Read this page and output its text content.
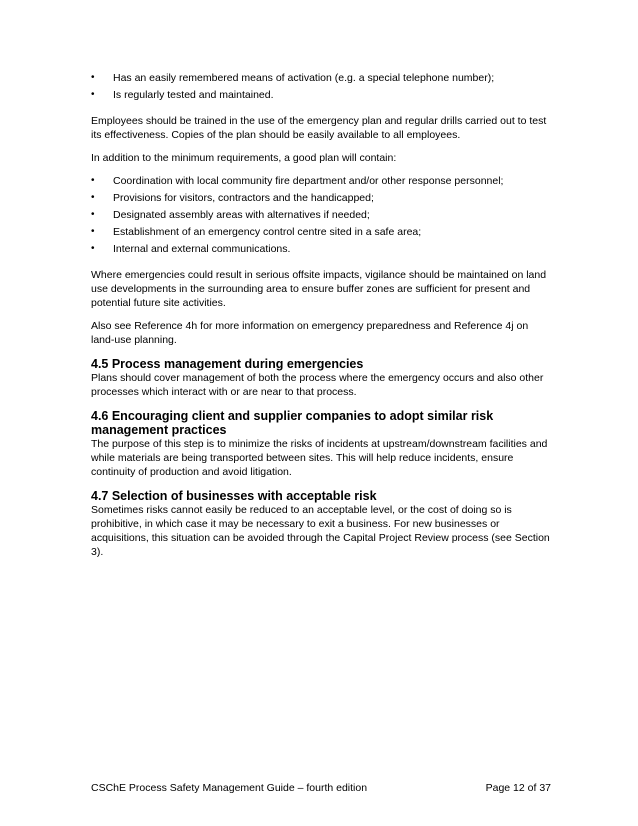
• Has an easily remembered means of activation (e.g. a special telephone number);
• Is regularly tested and maintained.

Employees should be trained in the use of the emergency plan and regular drills carried out to test its effectiveness. Copies of the plan should be easily available to all employees.

In addition to the minimum requirements, a good plan will contain:

• Coordination with local community fire department and/or other response personnel;
• Provisions for visitors, contractors and the handicapped;
• Designated assembly areas with alternatives if needed;
• Establishment of an emergency control centre sited in a safe area;
• Internal and external communications.

Where emergencies could result in serious offsite impacts, vigilance should be maintained on land use developments in the surrounding area to ensure buffer zones are sufficient for present and potential future site activities.

Also see Reference 4h for more information on emergency preparedness and Reference 4j on land-use planning.

4.5 Process management during emergencies

Plans should cover management of both the process where the emergency occurs and also other processes which interact with or are near to that process.

4.6 Encouraging client and supplier companies to adopt similar risk management practices

The purpose of this step is to minimize the risks of incidents at upstream/downstream facilities and while materials are being transported between sites. This will help reduce incidents, ensure continuity of production and avoid litigation.

4.7 Selection of businesses with acceptable risk

Sometimes risks cannot easily be reduced to an acceptable level, or the cost of doing so is prohibitive, in which case it may be necessary to exit a business. For new businesses or acquisitions, this situation can be avoided through the Capital Project Review process (see Section 3).

CSChE Process Safety Management Guide – fourth edition	Page 12 of 37
